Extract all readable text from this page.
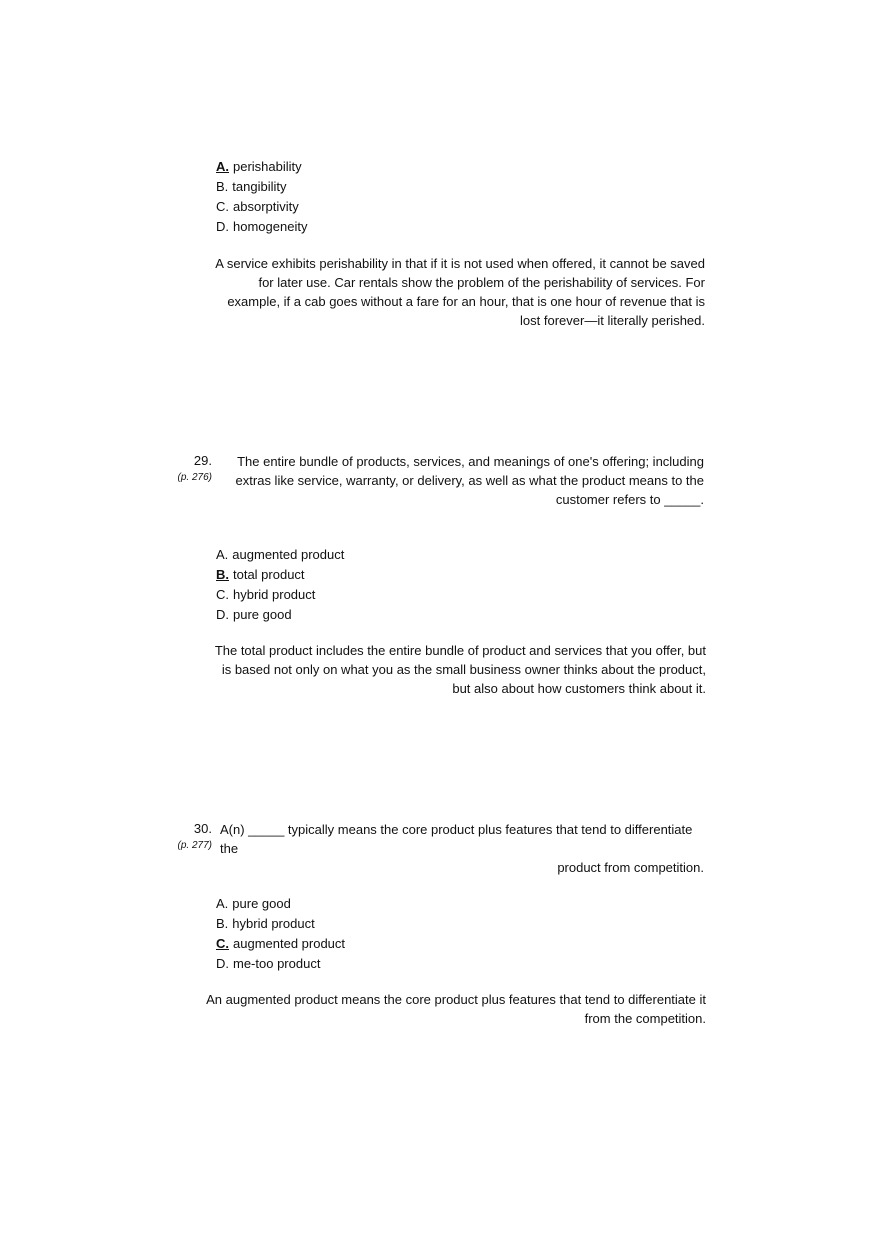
A. perishability
B. tangibility
C. absorptivity
D. homogeneity
A service exhibits perishability in that if it is not used when offered, it cannot be saved
for later use. Car rentals show the problem of the perishability of services. For
example, if a cab goes without a fare for an hour, that is one hour of revenue that is
lost forever—it literally perished.
29.
(p. 276)
The entire bundle of products, services, and meanings of one's offering; including
extras like service, warranty, or delivery, as well as what the product means to the
customer refers to _____.
A. augmented product
B. total product
C. hybrid product
D. pure good
The total product includes the entire bundle of product and services that you offer, but
is based not only on what you as the small business owner thinks about the product,
but also about how customers think about it.
30.
(p. 277)
A(n) _____ typically means the core product plus features that tend to differentiate the
product from competition.
A. pure good
B. hybrid product
C. augmented product
D. me-too product
An augmented product means the core product plus features that tend to differentiate it
from the competition.
